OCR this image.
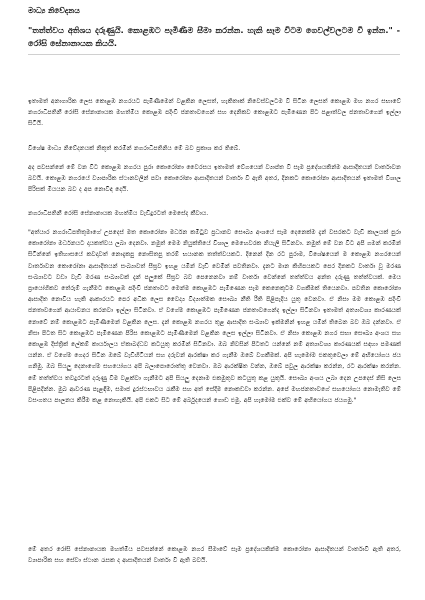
මාධ්‍ය නිවේදනය
"තත්ත්වය අතිශය දරුණුයි. කොළඹට පැමිණීම සීමා කරන්න. හැකි සෑම විටම ගෙවල්වලටම වී ඉන්න." - රෝසි සේනානායක කියයි.
ඉතාමත් අනාගාරික ලෙස කොළඹ නගරයට පැමිණීමෙන් වළකින ලෙසත්, හැකිතාක් නිවෙස්වලටම වී සිටින ලෙසත් කොළඹ මහ නගර සභාවේ නගරාධිපතිනී රෝසි සේනානායක මහත්මිය කොළඹ පදිංචි ජනතාවගෙන් සහ දෙනිකව කොළඹට පැමිණෙන පිට පළාත්වල ජනතාවගෙන් ඉල්ලා සිටියි.
විශේෂ මාධ්‍ය නිවේදනයක් නිකුත් කරමින් නගරාධිපතිනිය මේ බව ප්‍රකාශ කර තිබේ.
අද පවසන්නේ මේ වන විට කොළඹ නගරය පුරා කොරෝනා වෛරසය ඉතාමත් වේගයෙන් ව්‍යාප්ත වී සෑම ප්‍රදේශයකින්ම ආසාදිතයන් වාර්තාවන බවයි. කොළඹ නගරයේ ව්‍යාපාරික ස්ථානවලින් පවා කොරෝනා ආසාදිතයන් වාර්තා වී ඇති අතර, දිනකට කොරෝනා ආසාදිතයන් ඉතාමත් විශාල පිරිසක් මියයන බව ද අප නොවිඳ දෙයි.
නගරාධිපතිනී රෝසි සේනානායක මහත්මිය වැඩිදුරටත් මෙසේද කීවාය.
"අත්යාර නගරාධිපතිතුමාගේ උපදෙස් මත කොරෝනා මර්ධන කමිටුව ප්‍රධානව සෞඛ්‍ය අංශයේ සෑම දෙනෙක්ම දැන් වසරකට වැඩි කාලයක් පුරා කොරෝනා මර්ධනයට දායකත්වය ලබා දෙනවා. නමුත් මෙම නියුක්තියේ විශාල මෙහෙවරක නියැලී සිටිනවා. නමුත් මේ වන විට අපි ගමන් කරමින් සිටින්නේ ඉතිහාසයේ කවදාවත් නොදැකපු නොසිතපු තරම් භයානක තත්ත්වයකට. දිනෙන් දින රට පුරාම, විශේෂයෙන් ම කොළඹ නගරයෙන් වාර්තාවන කොරෝනා ආසාදිතයන් සංඛ්‍යාවත් සීඝ්‍රව ඉහළ යමින් වැඩි වෙමින් පවතිනවා. දැනට මාන කිහිපයකට පෙර දිනකට වාර්තා වූ මරණ සංඛ්‍යාවට වඩා වැඩි මරණ සංඛ්‍යාවක් දැන් පලුකේ සීඝ්‍රව බව පෙනෙනවා නම් වාර්තා වෙන්නේ තත්ත්වය අන්ත දරුණු තත්ත්වයක්. මෙය ප්‍රායෝගිකව තේරුම් ගැනීමට කොළඹ පදිංචි ජනතාවට මෙන්ම කොළඹට පැමිණෙන සෑම කෙනෙකුටම වගකීමක් තියෙනවා. පවතින කොරෝනා ආසාදිත නොවිය හැකි ආකාරයට පෙර අධික ලෙස වෛද්‍ය විද්‍යාත්මක සෞඛ්‍ය නීති රීති පිළිපැදිය යුතු වෙනවා. ඒ නිසා මම කොළඹ පදිංචි ජනතාවගෙන් ආයාචනය කරනවා ඉල්ලා සිටිනවා. ඒ වගේම කොළඹට පැමිණෙන ජනතාවගෙන්ද ඉල්ලා සිටිනවා ඉතාමත් අත්‍යාවශ්‍ය කාරණයක් නොවේ නම් කොළඹට පැමිණීමෙන් වළකින ලෙස. දැන් කොළඹ නගරය තුළ ආසාදිත සංඛ්‍යාව ඉක්මනින් ඉහළ යමින් තිබෙන බව ඔබ දන්නවා. ඒ නිසා පිටත සිට කොළඹට පැමිණෙන පිරිස කොළඹට පැමිණීමෙන් වළකින ලෙස ඉල්ලා සිටිනවා. ඒ නිසා කොළඹ නගර සභා සෞඛ්‍ය අංශය සහ කොළඹ දිස්ත්‍රික් ලේකම් කාර්යාලය ඒකාබද්ධව කටයුතු කරමින් සිටිනවා. ඔබ නිවසින් පිටතට යන්නේ නම් අත්‍යාවශ්‍ය කාරණයක් සඳහා පමණක් යන්න. ඒ වගේම ගෙදර සිටින ඔබේ වැඩිහිටියන් සහ දරුවන් ආරක්ෂා කර ගැනීම ඔබේ වගකීමක්. අපි හැමෝම එකතුවෙලා මේ අභියෝගය ජය ගනිමු. ඔබ සියලු දෙනාගේම සහයෝගය අපි බලාපොරොත්තු වෙනවා. ඔබ ආරක්ෂිත වන්න, ඔබේ පවුල ආරක්ෂා කරන්න, රට ආරක්ෂා කරන්න. මේ තත්ත්වය තවදුරටත් දරුණු වීම වළක්වා ගැනීමට අපි සියලු දෙනාම එකමුතුව කටයුතු කළ යුතුයි. සෞඛ්‍ය අංශය ලබා දෙන උපදෙස් නිසි ලෙස පිළිපදින්න. මුඛ ආවරණ පැළඳීම, සමාජ දුරස්ථභාවය රැකීම සහ අත් සේදීම නොකඩවා කරන්න. අපේ මහජනතාවගේ සහයෝගය නොමැතිව මේ වසංගතය පාලනය කිරීම කළ නොහැකියි. අපි එකට සිට මේ අර්බුදයෙන් ගොඩ එමු. අපි හැමෝම එක්ව මේ අභියෝගය ජයගමු."
මේ අතර රෝසි සේනානායක මහත්මිය පවසන්නේ කොළඹ නගර සීමාවේ සෑම ප්‍රදේශයකින්ම කොරෝනා ආසාදිතයන් වාර්තාවී ඇති අතර, ව්‍යාපාරික සහ සේවා ස්ථාන රැසක ද ආසාදිතයන් වාර්තා වී ඇති බවයි.
